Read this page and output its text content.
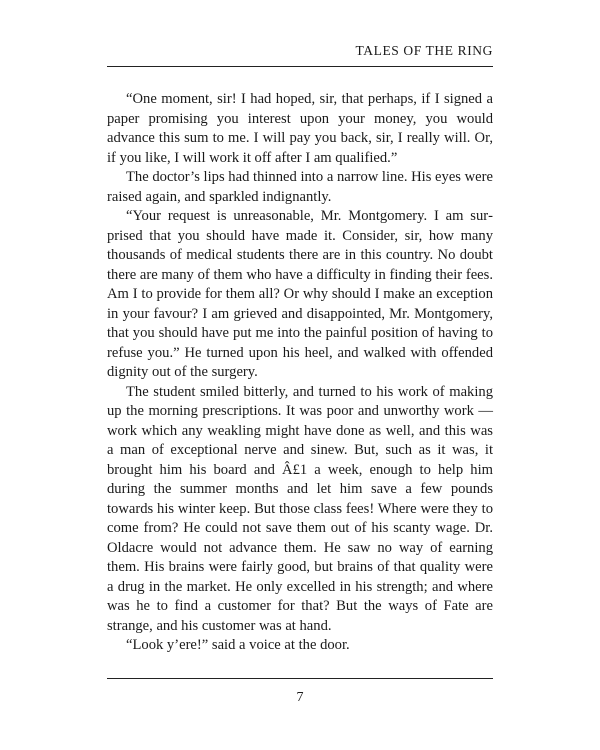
TALES OF THE RING

“One moment, sir! I had hoped, sir, that perhaps, if I signed a paper promising you interest upon your money, you would advance this sum to me. I will pay you back, sir, I really will. Or, if you like, I will work it off after I am qualified.”

The doctor’s lips had thinned into a narrow line. His eyes were raised again, and sparkled indignantly.

“Your request is unreasonable, Mr. Montgomery. I am surprised that you should have made it. Consider, sir, how many thousands of medical students there are in this country. No doubt there are many of them who have a difficulty in finding their fees. Am I to provide for them all? Or why should I make an exception in your favour? I am grieved and disappointed, Mr. Montgomery, that you should have put me into the painful position of having to refuse you.” He turned upon his heel, and walked with offended dignity out of the surgery.

The student smiled bitterly, and turned to his work of making up the morning prescriptions. It was poor and unworthy work — work which any weakling might have done as well, and this was a man of exceptional nerve and sinew. But, such as it was, it brought him his board and Â£1 a week, enough to help him during the summer months and let him save a few pounds towards his winter keep. But those class fees! Where were they to come from? He could not save them out of his scanty wage. Dr. Oldacre would not advance them. He saw no way of earning them. His brains were fairly good, but brains of that quality were a drug in the market. He only excelled in his strength; and where was he to find a customer for that? But the ways of Fate are strange, and his customer was at hand.

“Look y’ere!” said a voice at the door.

7
